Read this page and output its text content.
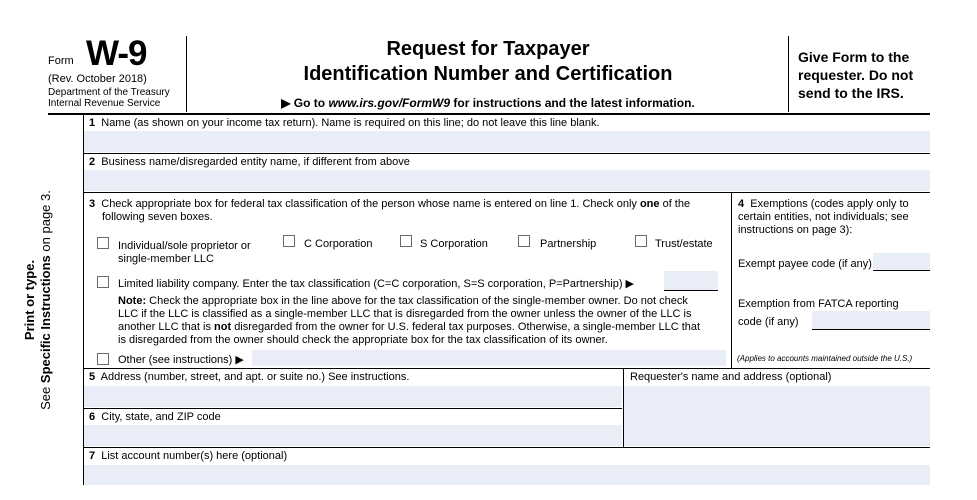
Form W-9
(Rev. October 2018)
Department of the Treasury
Internal Revenue Service
Request for Taxpayer
Identification Number and Certification
▶ Go to www.irs.gov/FormW9 for instructions and the latest information.
Give Form to the
requester. Do not
send to the IRS.
Print or type.
See Specific Instructions on page 3.
1 Name (as shown on your income tax return). Name is required on this line; do not leave this line blank.
2 Business name/disregarded entity name, if different from above
3 Check appropriate box for federal tax classification of the person whose name is entered on line 1. Check only one of the
following seven boxes.
Individual/sole proprietor or
single-member LLC
C Corporation	S Corporation	Partnership	Trust/estate
Limited liability company. Enter the tax classification (C=C corporation, S=S corporation, P=Partnership) ▶
Note: Check the appropriate box in the line above for the tax classification of the single-member owner. Do not check
LLC if the LLC is classified as a single-member LLC that is disregarded from the owner unless the owner of the LLC is
another LLC that is not disregarded from the owner for U.S. federal tax purposes. Otherwise, a single-member LLC that
is disregarded from the owner should check the appropriate box for the tax classification of its owner.
Other (see instructions) ▶
4 Exemptions (codes apply only to
certain entities, not individuals; see
instructions on page 3):
Exempt payee code (if any)
Exemption from FATCA reporting
code (if any)
(Applies to accounts maintained outside the U.S.)
5 Address (number, street, and apt. or suite no.) See instructions.	Requester's name and address (optional)
6 City, state, and ZIP code
7 List account number(s) here (optional)
